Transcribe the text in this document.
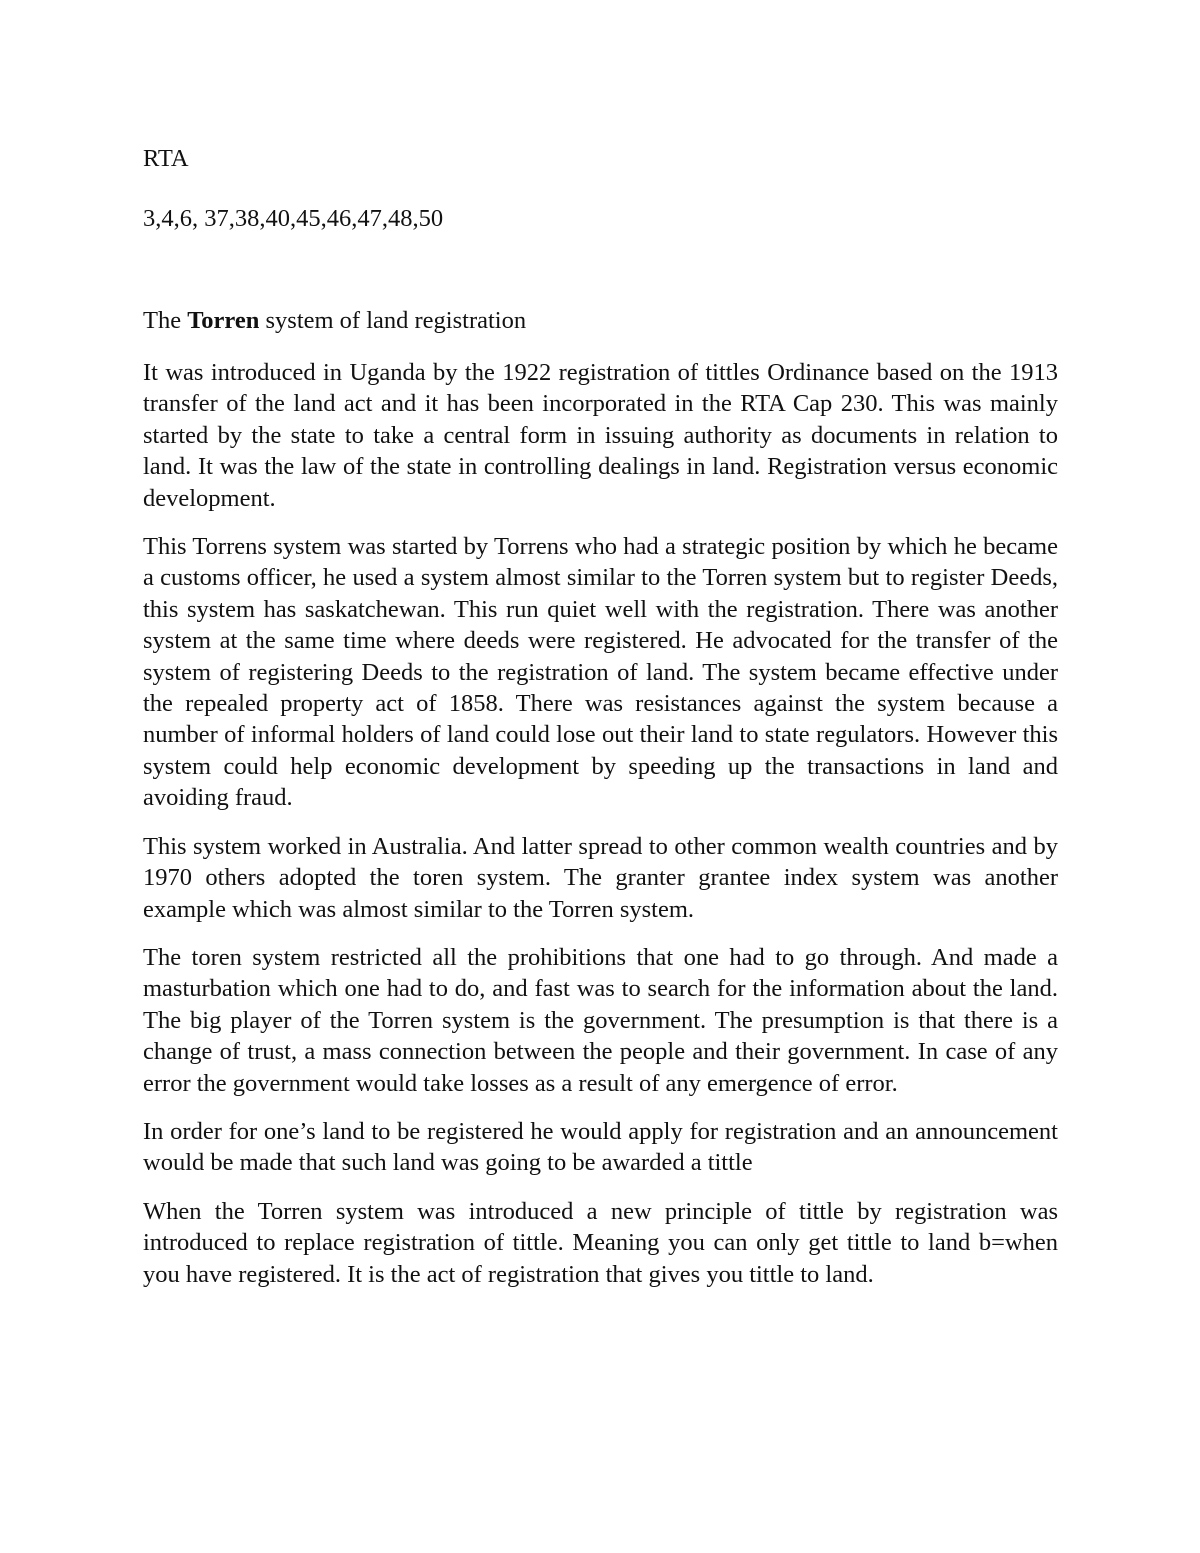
RTA

3,4,6, 37,38,40,45,46,47,48,50

The Torren system of land registration

It was introduced in Uganda by the 1922 registration of tittles Ordinance based on the 1913 transfer of the land act and it has been incorporated in the RTA Cap 230. This was mainly started by the state to take a central form in issuing authority as documents in relation to land. It was the law of the state in controlling dealings in land. Registration versus economic development.

This Torrens system was started by Torrens who had a strategic position by which he became a customs officer, he used a system almost similar to the Torren system but to register Deeds, this system has saskatchewan. This run quiet well with the registration. There was another system at the same time where deeds were registered. He advocated for the transfer of the system of registering Deeds to the registration of land. The system became effective under the repealed property act of 1858. There was resistances against the system because a number of informal holders of land could lose out their land to state regulators. However this system could help economic development by speeding up the transactions in land and avoiding fraud.

This system worked in Australia. And latter spread to other common wealth countries and by 1970 others adopted the toren system. The granter grantee index system was another example which was almost similar to the Torren system.

The toren system restricted all the prohibitions that one had to go through. And made a masturbation which one had to do, and fast was to search for the information about the land. The big player of the Torren system is the government. The presumption is that there is a change of trust, a mass connection between the people and their government. In case of any error the government would take losses as a result of any emergence of error.

In order for one’s land to be registered he would apply for registration and an announcement would be made that such land was going to be awarded a tittle

When the Torren system was introduced a new principle of tittle by registration was introduced to replace registration of tittle. Meaning you can only get tittle to land b=when you have registered. It is the act of registration that gives you tittle to land.
